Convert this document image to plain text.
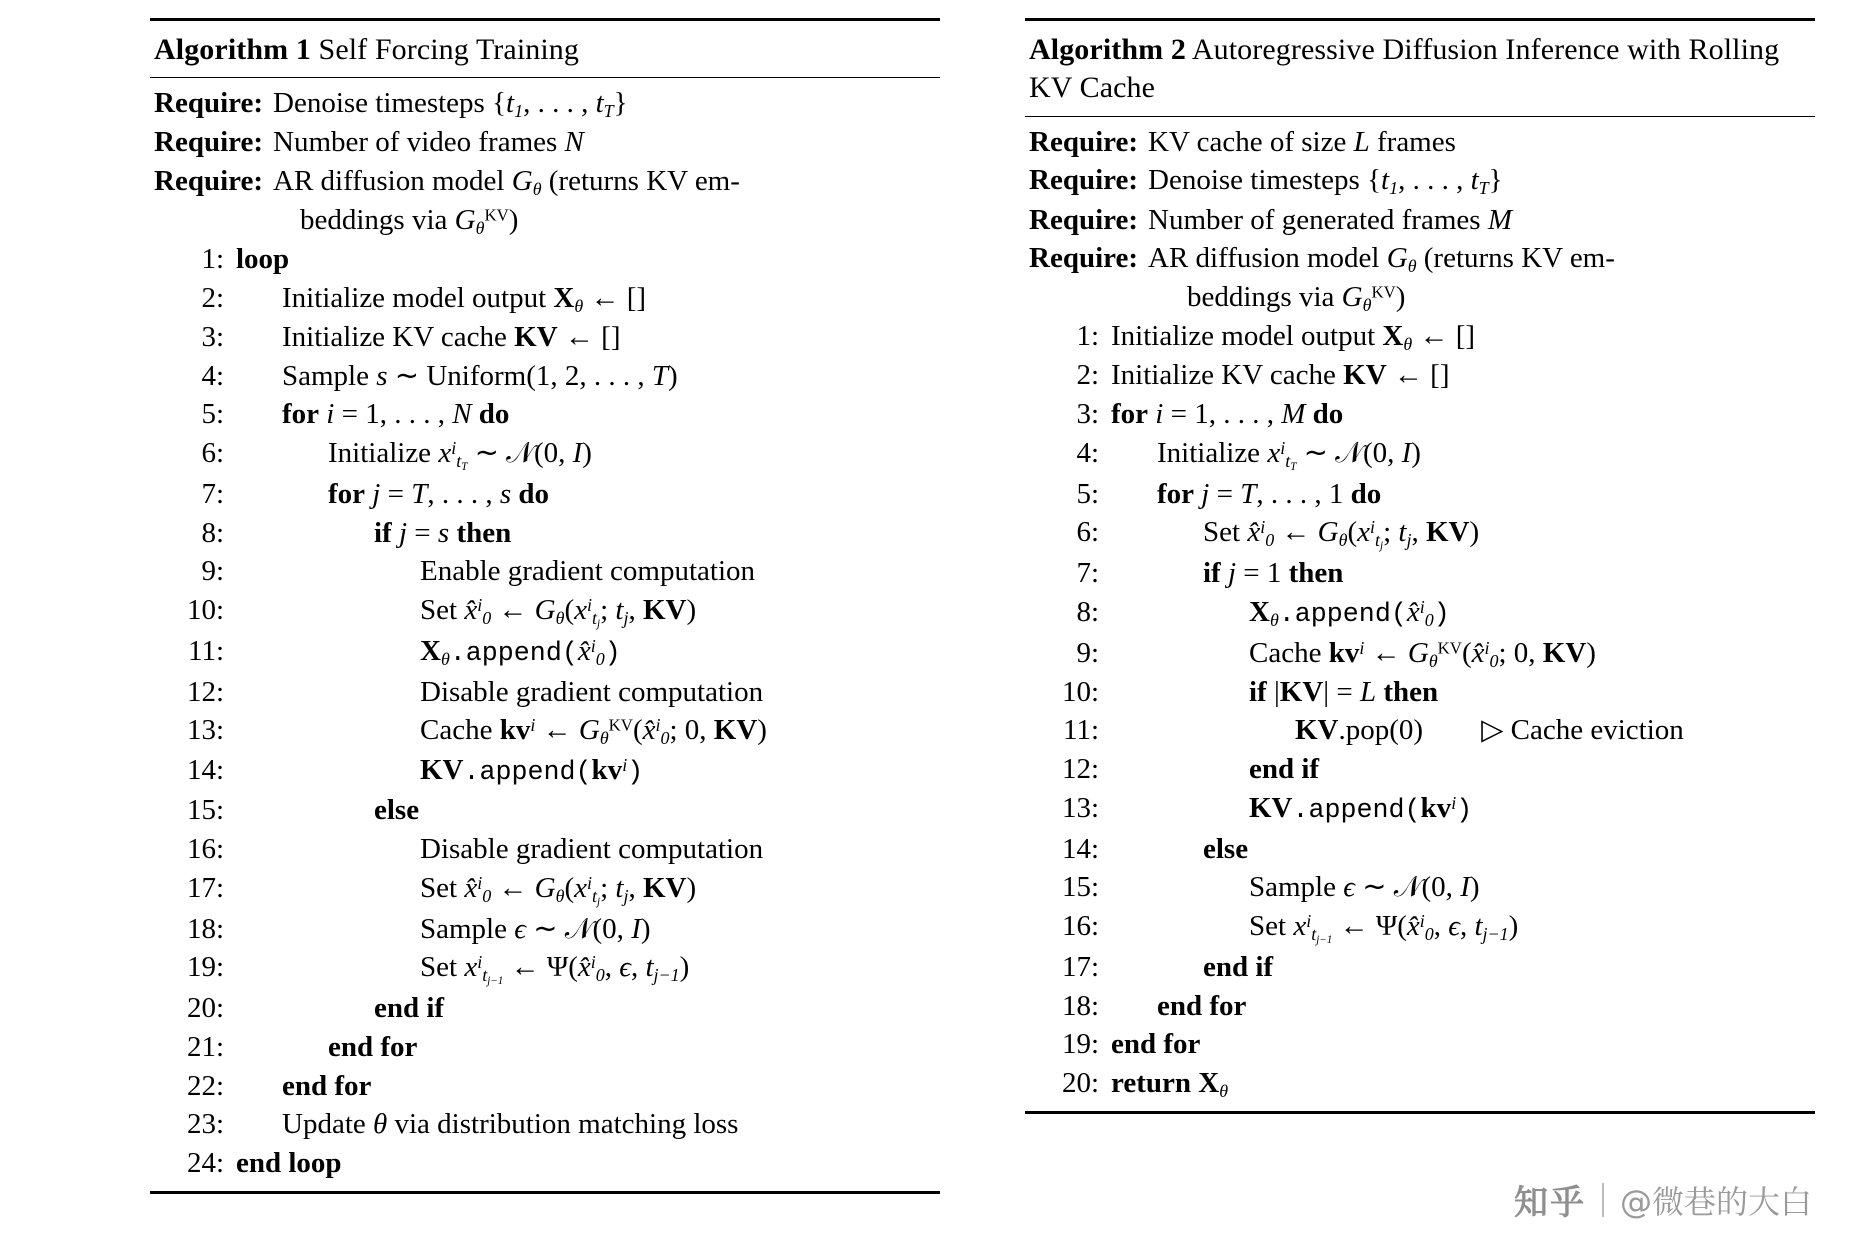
Algorithm 1 Self Forcing Training
Require: Denoise timesteps {$t_1$, . . . , $t_T$}
Require: Number of video frames N
Require: AR diffusion model $G_\theta$ (returns KV em-
beddings via $G_\theta^{KV}$)
1: loop
2:	Initialize model output $X_\theta$ ← []
3:	Initialize KV cache KV ← []
4:	Sample s ∼ Uniform(1, 2, . . . , T)
5:	for i = 1, . . . , N do
6:	Initialize $x^i_{t_T}$ ∼ 𝒩(0, I)
7:	for j = T, . . . , s do
8:	if j = s then
9:	Enable gradient computation
10:	Set x̂$^i_0$ ← $G_\theta(x^i_{t_j}$; $t_j$, KV)
11:	$X_\theta.append(x̂^i_0)$
12:	Disable gradient computation
13:	Cache $kv^i$ ← $G_\theta^{KV}(x̂^i_0$; 0, KV)
14:	$KV.append(kv^i)$
15:	else
16:	Disable gradient computation
17:	Set x̂$^i_0$ ← $G_\theta(x^i_{t_j}$; $t_j$, KV)
18:	Sample ϵ ∼ 𝒩(0, I)
19:	Set $x^i_{t_{j-1}}$ ← Ψ(x̂$^i_0$, ϵ, $t_{j-1}$)
20:	end if
21:	end for
22:	end for
23:	Update θ via distribution matching loss
24: end loop
Algorithm 2 Autoregressive Diffusion Inference with Rolling KV Cache
Require: KV cache of size L frames
Require: Denoise timesteps {$t_1$, . . . , $t_T$}
Require: Number of generated frames M
Require: AR diffusion model $G_\theta$ (returns KV em-
beddings via $G_\theta^{KV}$)
1: Initialize model output $X_\theta$ ← []
2: Initialize KV cache KV ← []
3: for i = 1, . . . , M do
4:	Initialize $x^i_{t_T}$ ∼ 𝒩(0, I)
5:	for j = T, . . . , 1 do
6:	Set x̂$^i_0$ ← $G_\theta(x^i_{t_j}$; $t_j$, KV)
7:	if j = 1 then
8:	$X_\theta.append(x̂^i_0)$
9:	Cache $kv^i$ ← $G_\theta^{KV}(x̂^i_0$; 0, KV)
10:	if |KV| = L then
11:	KV.pop(0)        ▷ Cache eviction
12:	end if
13:	$KV.append(kv^i)$
14:	else
15:	Sample ϵ ∼ 𝒩(0, I)
16:	Set $x^i_{t_{j-1}}$ ← Ψ(x̂$^i_0$, ϵ, $t_{j-1}$)
17:	end if
18:	end for
19: end for
20: return $X_\theta$
知乎 @微巷的大白
